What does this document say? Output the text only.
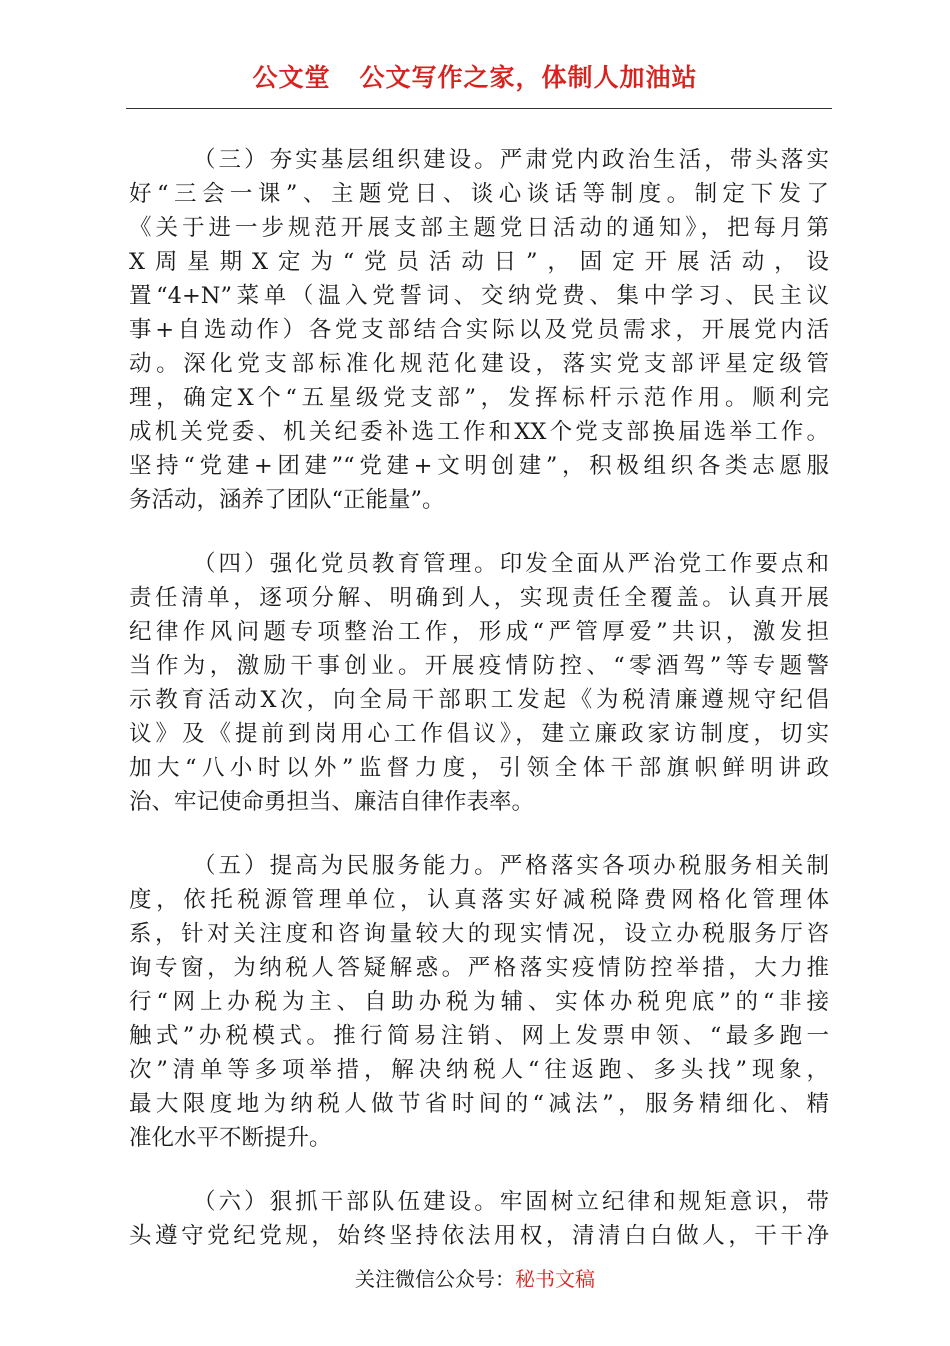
公文堂   公文写作之家，体制人加油站

（三）夯实基层组织建设。严肃党内政治生活，带头落实
好“三会一课”、主题党日、谈心谈话等制度。制定下发了
《关于进一步规范开展支部主题党日活动的通知》，把每月第
X周星期X定为“党员活动日”，固定开展活动，设
置“4+N”菜单（温入党誓词、交纳党费、集中学习、民主议
事+自选动作）各党支部结合实际以及党员需求，开展党内活
动。深化党支部标准化规范化建设，落实党支部评星定级管
理，确定X个“五星级党支部”，发挥标杆示范作用。顺利完
成机关党委、机关纪委补选工作和XX个党支部换届选举工作。
坚持“党建+团建”“党建+文明创建”，积极组织各类志愿服
务活动，涵养了团队“正能量”。

（四）强化党员教育管理。印发全面从严治党工作要点和
责任清单，逐项分解、明确到人，实现责任全覆盖。认真开展
纪律作风问题专项整治工作，形成“严管厚爱”共识，激发担
当作为，激励干事创业。开展疫情防控、“零酒驾”等专题警
示教育活动X次，向全局干部职工发起《为税清廉遵规守纪倡
议》及《提前到岗用心工作倡议》，建立廉政家访制度，切实
加大“八小时以外”监督力度，引领全体干部旗帜鲜明讲政
治、牢记使命勇担当、廉洁自律作表率。

（五）提高为民服务能力。严格落实各项办税服务相关制
度，依托税源管理单位，认真落实好减税降费网格化管理体
系，针对关注度和咨询量较大的现实情况，设立办税服务厅咨
询专窗，为纳税人答疑解惑。严格落实疫情防控举措，大力推
行“网上办税为主、自助办税为辅、实体办税兜底”的“非接
触式”办税模式。推行简易注销、网上发票申领、“最多跑一
次”清单等多项举措，解决纳税人“往返跑、多头找”现象，
最大限度地为纳税人做节省时间的“减法”，服务精细化、精
准化水平不断提升。

（六）狠抓干部队伍建设。牢固树立纪律和规矩意识，带
头遵守党纪党规，始终坚持依法用权，清清白白做人，干干净

关注微信公众号：秘书文稿
